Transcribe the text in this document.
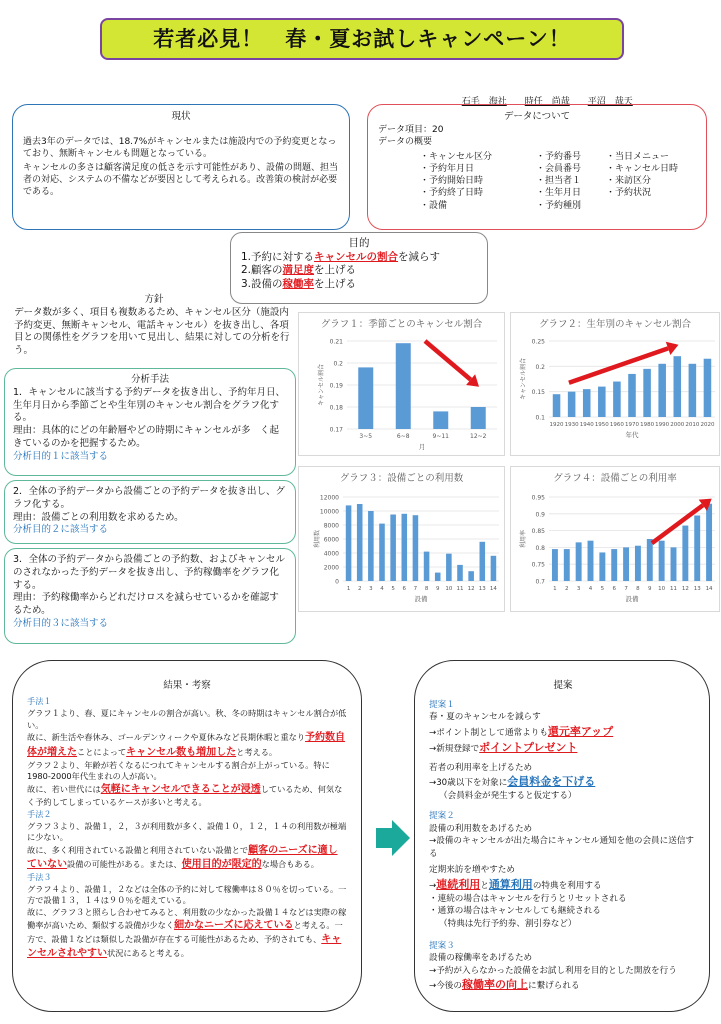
若者必見！　春・夏お試しキャンペーン！

石毛　海社 時任　尚哉 平沼　哉天

現状
過去3年のデータでは、18.7%がキャンセルまたは施設内での予約変更となっており、無断キャンセルも問題となっている。
キャンセルの多さは顧客満足度の低さを示す可能性があり、設備の問題、担当者の対応、システムの不備などが要因として考えられる。改善策の検討が必要である。
データについて
データ項目：20
データの概要
・キャンセル区分
・予約年月日
・予約開始日時
・予約終了日時
・設備
・予約番号
・会員番号
・担当者１
・生年月日
・予約種別
・当日メニュー
・キャンセル日時
・来訪区分
・予約状況
目的
1.予約に対するキャンセルの割合を減らす
2.顧客の満足度を上げる
3.設備の稼働率を上げる
方針
データ数が多く、項目も複数あるため、キャンセル区分（施設内予約変更、無断キャンセル、電話キャンセル）を抜き出し、各項目との関係性をグラフを用いて見出し、結果に対しての分析を行う。
分析手法
1．キャンセルに該当する予約データを抜き出し、予約年月日、生年月日から季節ごとや生年別のキャンセル割合をグラフ化する。
理由：具体的にどの年齢層やどの時期にキャンセルが多　く起きているのかを把握するため。
分析目的１に該当する
2．全体の予約データから設備ごとの予約データを抜き出し、グラフ化する。
理由：設備ごとの利用数を求めるため。
分析目的２に該当する
3．全体の予約データから設備ごとの予約数、およびキャンセルのされなかった予約データを抜き出し、予約稼働率をグラフ化する。
理由：予約稼働率からどれだけロスを減らせているかを確認するため。
分析目的３に該当する
グラフ１：季節ごとのキャンセル割合
0.17
0.18
0.19
0.2
0.21
3~5	6~8	9~11	12~2
月
キャンセル割合
グラフ２：生年別のキャンセル割合
0.1
0.15
0.2
0.25
1920 1930 1940 1950 1960 1970 1980 1990 2000 2010 2020
年代
キャンセル割合
グラフ３：設備ごとの利用数
0
2000
4000
6000
8000
10000
12000
1 2 3 4 5 6 7 8 9 10 11 12 13 14
設備
利用数
グラフ４：設備ごとの利用率
0.7
0.75
0.8
0.85
0.9
0.95
1 2 3 4 5 6 7 8 9 10 11 12 13 14
設備
利用率
結果・考察
手法１
グラフ１より、春、夏にキャンセルの割合が高い。秋、冬の時期はキャンセル割合が低い。
故に、新生活や春休み、ゴールデンウィークや夏休みなど長期休暇と重なり予約数自体が増えたことによってキャンセル数も増加したと考える。
グラフ２より、年齢が若くなるにつれてキャンセルする割合が上がっている。特に1980-2000年代生まれの人が高い。
故に、若い世代には気軽にキャンセルできることが浸透しているため、何気なく予約してしまっているケースが多いと考える。
手法２
グラフ３より、設備１，２，３が利用数が多く、設備１０，１２，１４の利用数が極端に少ない。
故に、多く利用されている設備と利用されていない設備とで顧客のニーズに適していない設備の可能性がある。または、使用目的が限定的な場合もある。
手法３
グラフ４より、設備１，２などは全体の予約に対して稼働率は８０％を切っている。一方で設備１３，１４は９０％を超えている。
故に、グラフ３と照らし合わせてみると、利用数の少なかった設備１４などは実際の稼働率が高いため、類似する設備が少なく細かなニーズに応えていると考える。一方で、設備１などは類似した設備が存在する可能性があるため、予約されても、キャンセルされやすい状況にあると考える。
提案
提案１
春・夏のキャンセルを減らす
→ポイント制として通常よりも還元率アップ
→新規登録でポイントプレゼント
若者の利用率を上げるため
→30歳以下を対象に会員料金を下げる
（会員料金が発生すると仮定する）
提案２
設備の利用数をあげるため
→設備のキャンセルが出た場合にキャンセル通知を他の会員に送信する
定期来訪を増やすため
→連続利用と通算利用の特典を利用する
・連続の場合はキャンセルを行うとリセットされる
・通算の場合はキャンセルしても継続される
（特典は先行予約券、割引券など）
提案３
設備の稼働率をあげるため
→予約が入らなかった設備をお試し利用を目的とした開放を行う
→今後の稼働率の向上に繋げられる
